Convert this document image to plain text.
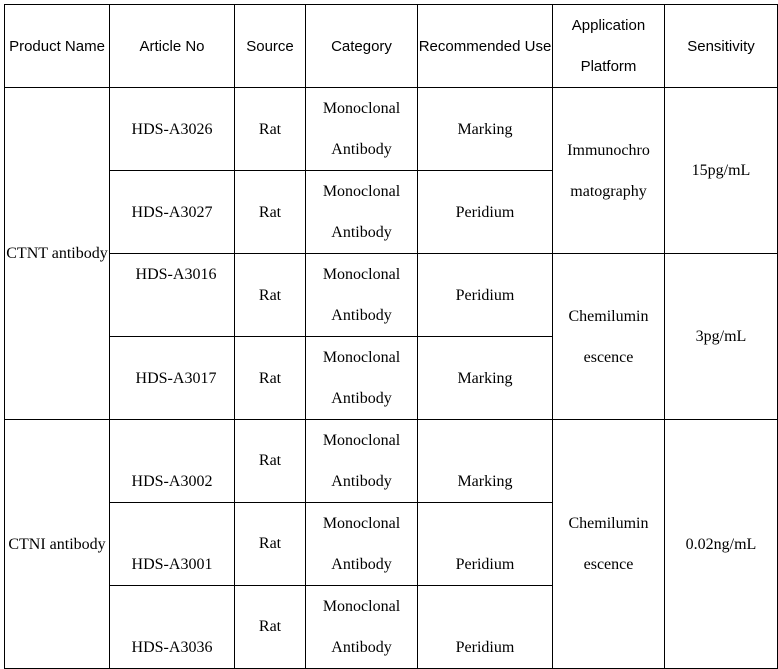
Product Name	Article No	Source	Category	Recommended Use	Application Platform	Sensitivity
CTNT antibody	HDS-A3026	Rat	Monoclonal Antibody	Marking	Immunochro matography	15pg/mL
	HDS-A3027	Rat	Monoclonal Antibody	Peridium		
	HDS-A3016	Rat	Monoclonal Antibody	Peridium	Chemilumin escence	3pg/mL
	HDS-A3017	Rat	Monoclonal Antibody	Marking		
CTNI antibody	HDS-A3002	Rat	Monoclonal Antibody	Marking	Chemilumin escence	0.02ng/mL
	HDS-A3001	Rat	Monoclonal Antibody	Peridium		
	HDS-A3036	Rat	Monoclonal Antibody	Peridium		
